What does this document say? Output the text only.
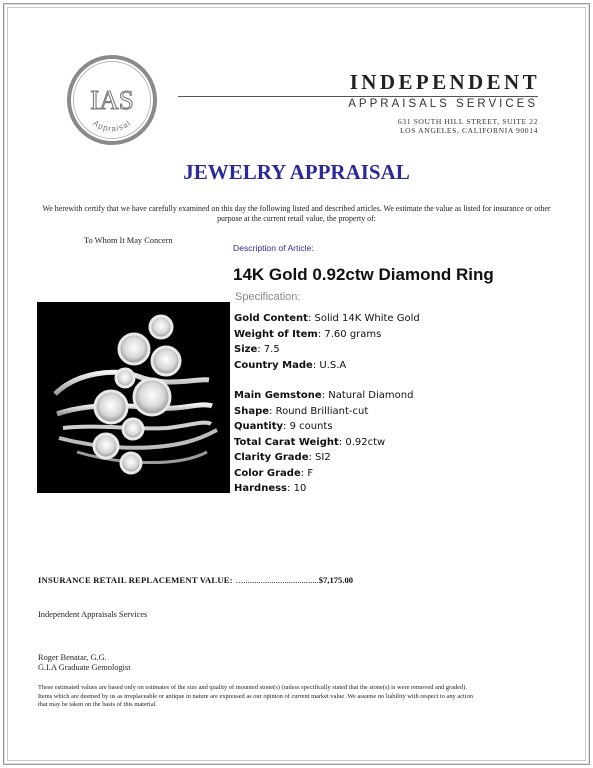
IAS
Appraisal
INDEPENDENT
APPRAISALS SERVICES
631 SOUTH HILL STREET, SUITE 22
LOS ANGELES, CALIFORNIA 90014
JEWELRY APPRAISAL
We herewith certify that we have carefully examined on this day the following listed and described articles. We estimate the value as listed for insurance or other purpose at the current retail value, the property of:
To Whom It May Concern
Description of Article:
14K Gold 0.92ctw Diamond Ring
Specification:
Gold Content: Solid 14K White Gold
Weight of Item: 7.60 grams
Size: 7.5
Country Made: U.S.A
Main Gemstone: Natural Diamond
Shape: Round Brilliant-cut
Quantity: 9 counts
Total Carat Weight: 0.92ctw
Clarity Grade: SI2
Color Grade: F
Hardness: 10
INSURANCE RETAIL REPLACEMENT VALUE: …...................................$7,175.00
Independent Appraisals Services
Roger Benatar, G.G.
G.I.A Graduate Gemologist
These estimated values are based only on estimates of the size and quality of mounted stone(s) (unless specifically stated that the stone(s) is were removed and graded). Items which are deemed by us as irreplaceable or antique in nature are expressed as our opinion of current market value .We assume no liability with respect to any action that may be taken on the basis of this material.
